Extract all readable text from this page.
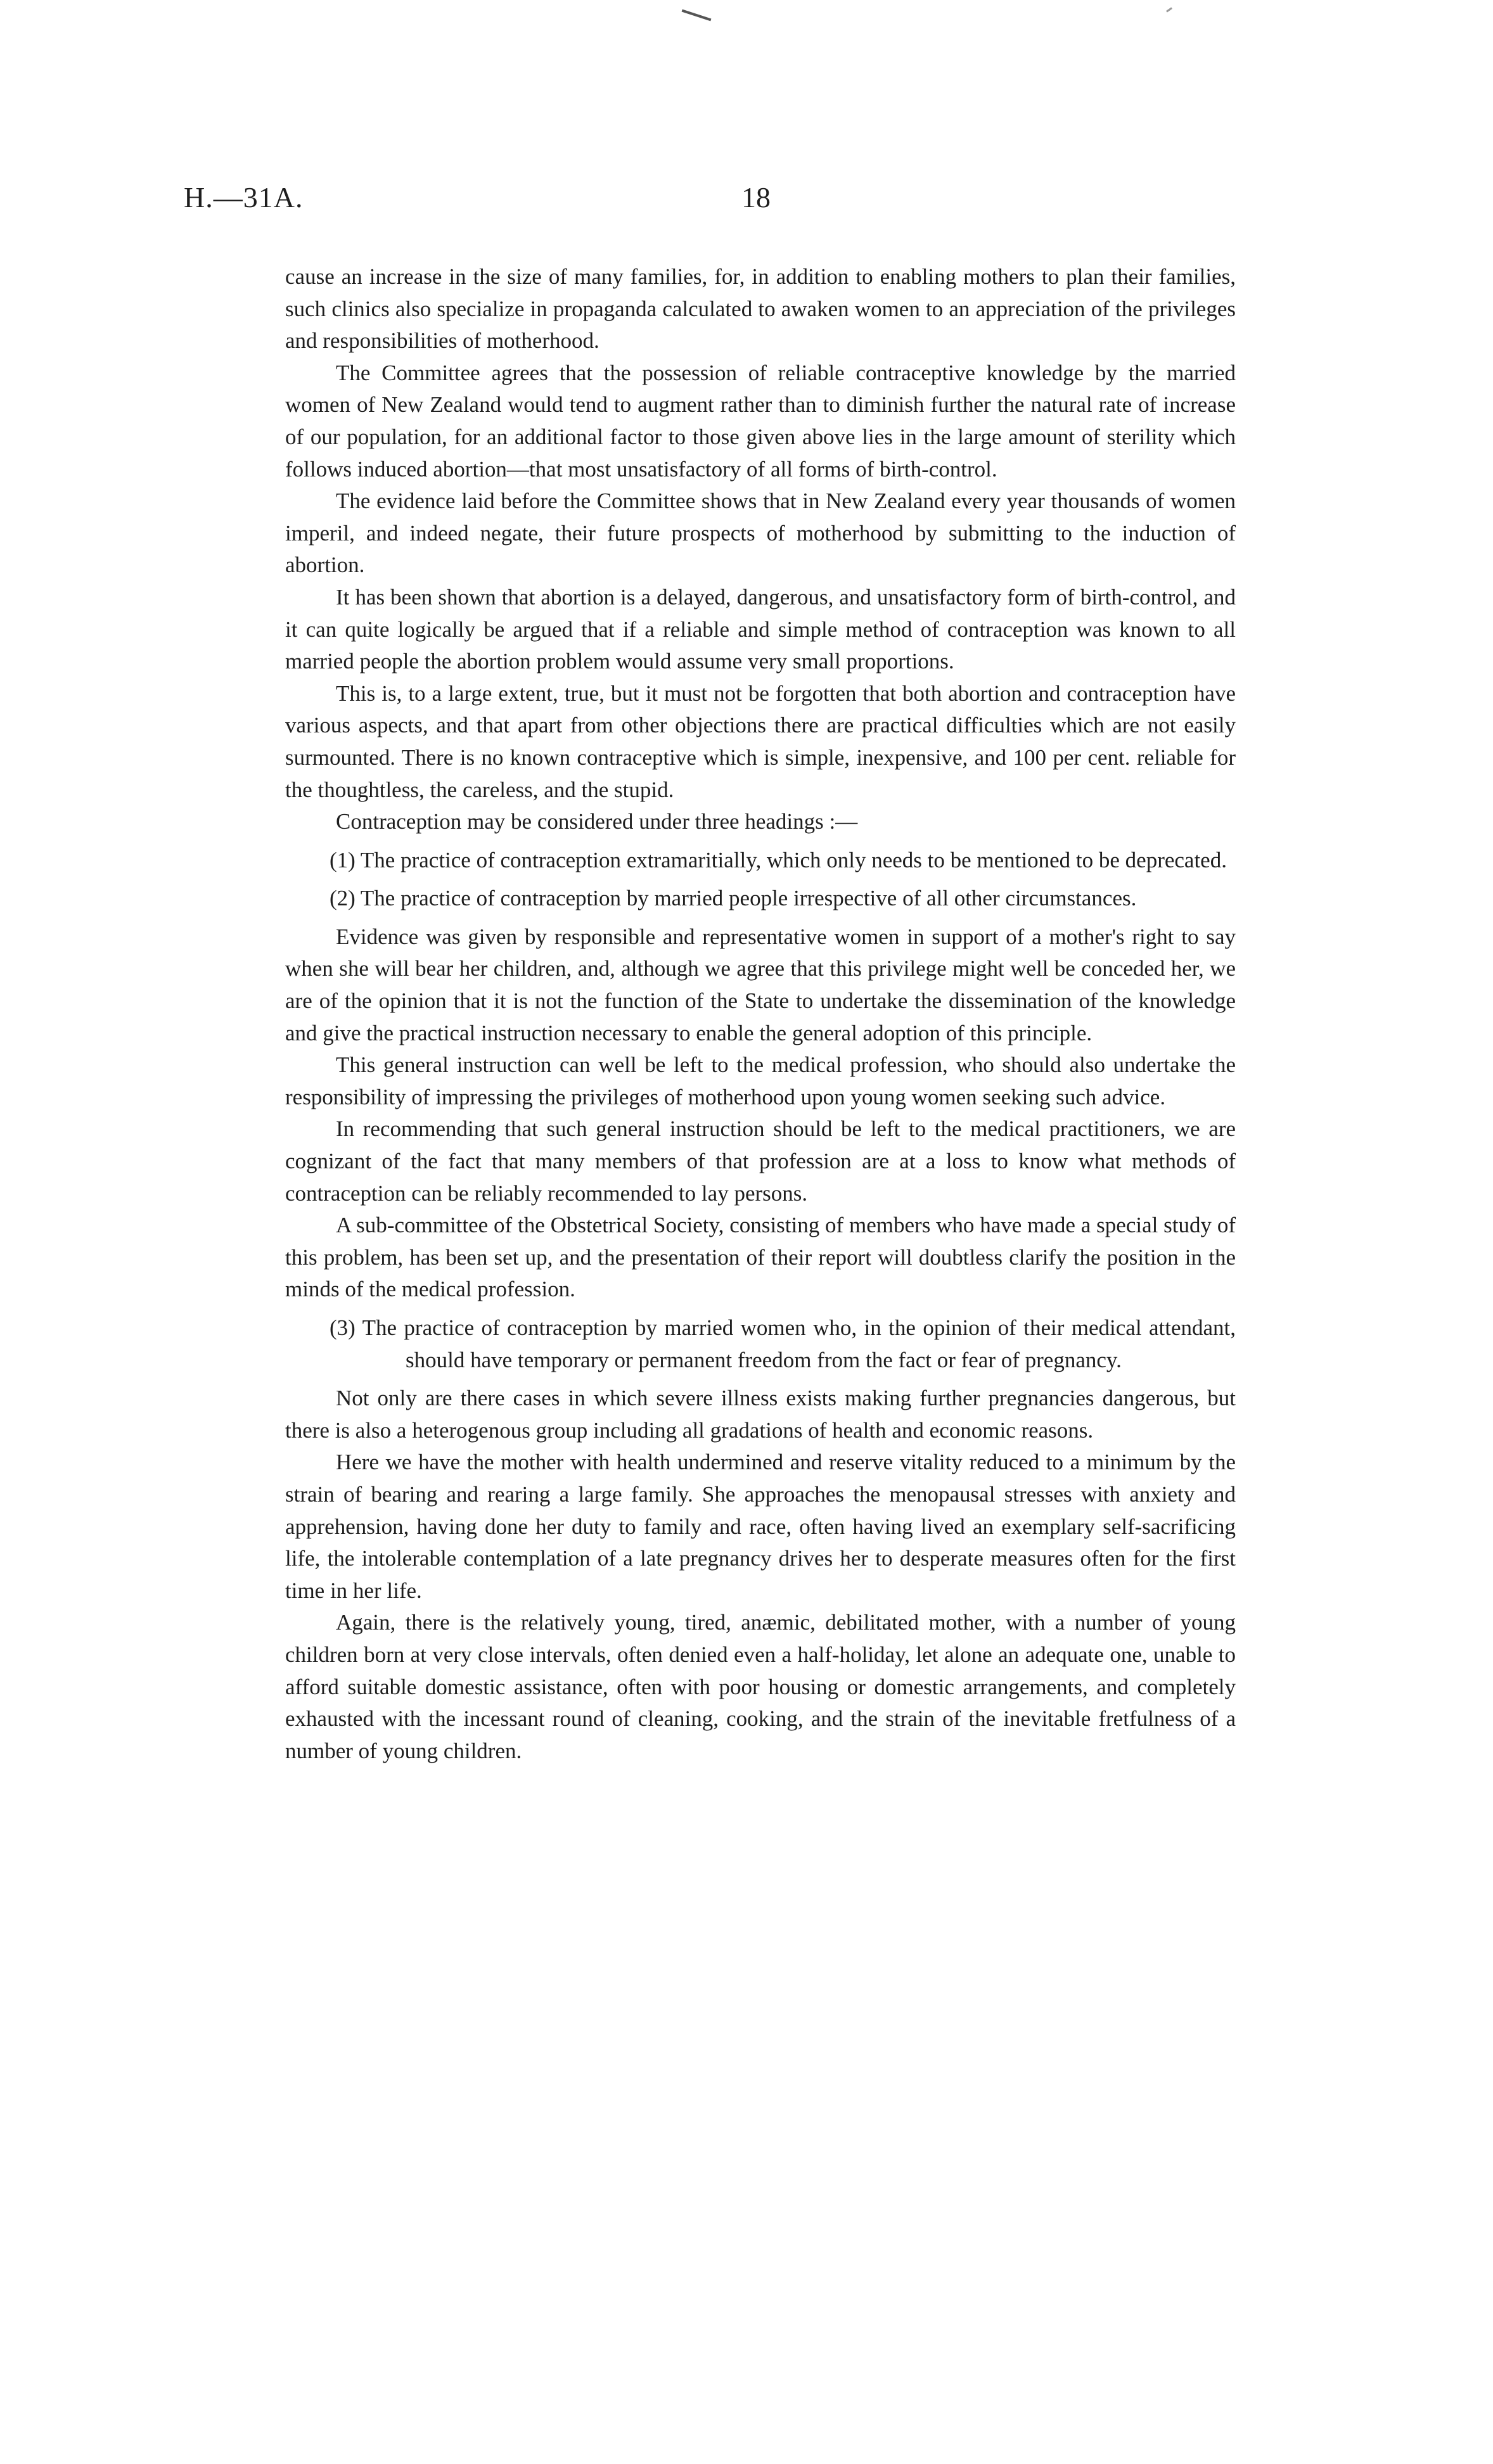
H.—31A.	18

cause an increase in the size of many families, for, in addition to enabling mothers to plan their families, such clinics also specialize in propaganda calculated to awaken women to an appreciation of the privileges and responsibilities of motherhood.

The Committee agrees that the possession of reliable contraceptive knowledge by the married women of New Zealand would tend to augment rather than to diminish further the natural rate of increase of our population, for an additional factor to those given above lies in the large amount of sterility which follows induced abortion—that most unsatisfactory of all forms of birth-control.

The evidence laid before the Committee shows that in New Zealand every year thousands of women imperil, and indeed negate, their future prospects of motherhood by submitting to the induction of abortion.

It has been shown that abortion is a delayed, dangerous, and unsatisfactory form of birth-control, and it can quite logically be argued that if a reliable and simple method of contraception was known to all married people the abortion problem would assume very small proportions.

This is, to a large extent, true, but it must not be forgotten that both abortion and contraception have various aspects, and that apart from other objections there are practical difficulties which are not easily surmounted. There is no known contraceptive which is simple, inexpensive, and 100 per cent. reliable for the thoughtless, the careless, and the stupid.

Contraception may be considered under three headings :—

(1) The practice of contraception extramaritially, which only needs to be mentioned to be deprecated.

(2) The practice of contraception by married people irrespective of all other circumstances.

Evidence was given by responsible and representative women in support of a mother's right to say when she will bear her children, and, although we agree that this privilege might well be conceded her, we are of the opinion that it is not the function of the State to undertake the dissemination of the knowledge and give the practical instruction necessary to enable the general adoption of this principle.

This general instruction can well be left to the medical profession, who should also undertake the responsibility of impressing the privileges of motherhood upon young women seeking such advice.

In recommending that such general instruction should be left to the medical practitioners, we are cognizant of the fact that many members of that profession are at a loss to know what methods of contraception can be reliably recommended to lay persons.

A sub-committee of the Obstetrical Society, consisting of members who have made a special study of this problem, has been set up, and the presentation of their report will doubtless clarify the position in the minds of the medical profession.

(3) The practice of contraception by married women who, in the opinion of their medical attendant, should have temporary or permanent freedom from the fact or fear of pregnancy.

Not only are there cases in which severe illness exists making further pregnancies dangerous, but there is also a heterogenous group including all gradations of health and economic reasons.

Here we have the mother with health undermined and reserve vitality reduced to a minimum by the strain of bearing and rearing a large family. She approaches the menopausal stresses with anxiety and apprehension, having done her duty to family and race, often having lived an exemplary self-sacrificing life, the intolerable contemplation of a late pregnancy drives her to desperate measures often for the first time in her life.

Again, there is the relatively young, tired, anæmic, debilitated mother, with a number of young children born at very close intervals, often denied even a half-holiday, let alone an adequate one, unable to afford suitable domestic assistance, often with poor housing or domestic arrangements, and completely exhausted with the incessant round of cleaning, cooking, and the strain of the inevitable fretfulness of a number of young children.
